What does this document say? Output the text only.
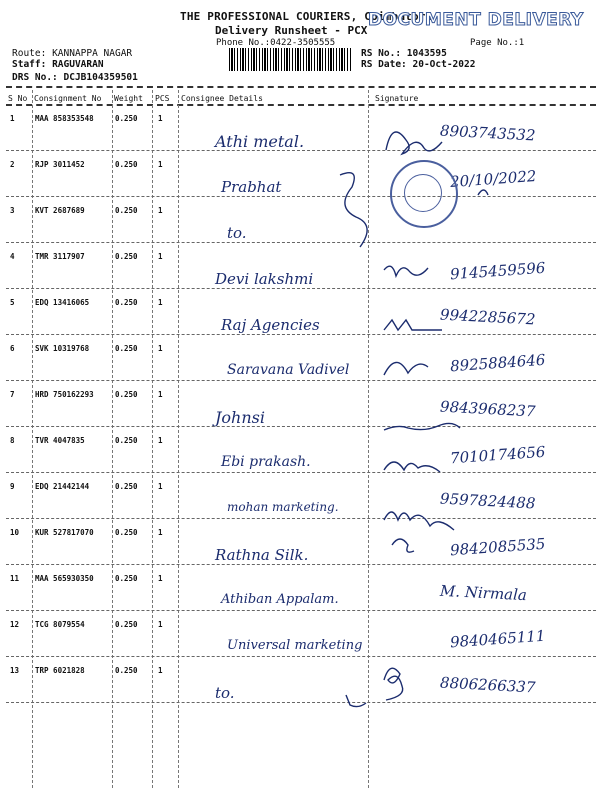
THE PROFESSIONAL COURIERS, Coimbatore
DOCUMENT DELIVERY
Delivery Runsheet - PCX
Phone No.:0422-3505555	Page No.:1
Route: KANNAPPA NAGAR
Staff: RAGUVARAN
DRS No.: DCJB104359501
RS No.: 1043595
RS Date: 20-Oct-2022
S No Consignment No Weight PCS Consignee Details	Signature
1	MAA 858353548	0.250	1
Athi metal.	8903743532
2	RJP 3011452	0.250	1
Prabhat	20/10/2022
3	KVT 2687689	0.250	1
to.
4	TMR 3117907	0.250	1
Devi lakshmi	9145459596
5	EDQ 13416065	0.250	1
Raj Agencies	9942285672
6	SVK 10319768	0.250	1
Saravana Vadivel	8925884646
7	HRD 750162293	0.250	1
Johnsi	9843968237
8	TVR 4047835	0.250	1
Ebi prakash.	7010174656
9	EDQ 21442144	0.250	1
mohan marketing.	9597824488
10 KUR 527817070	0.250	1
Rathna Silk.	9842085535
11 MAA 565930350	0.250	1
Athiban Appalam.	M. Nirmala
12 TCG 8079554	0.250	1
Universal marketing	9840465111
13 TRP 6021828	0.250	1
to.	8806266337
